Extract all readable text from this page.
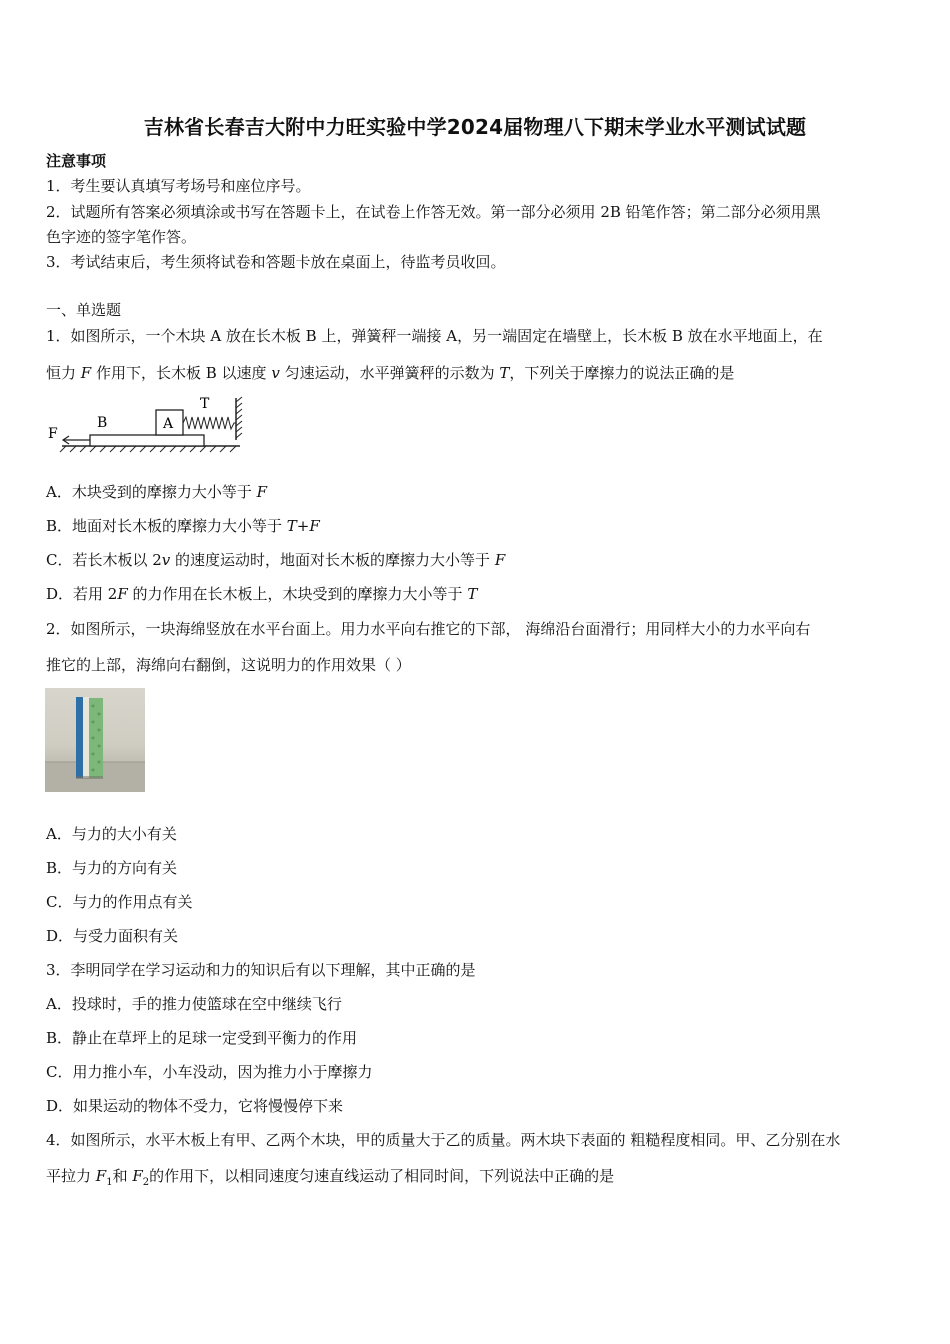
吉林省长春吉大附中力旺实验中学2024届物理八下期末学业水平测试试题
注意事项
1．考生要认真填写考场号和座位序号。
2．试题所有答案必须填涂或书写在答题卡上，在试卷上作答无效。第一部分必须用 2B 铅笔作答；第二部分必须用黑
色字迹的签字笔作答。
3．考试结束后，考生须将试卷和答题卡放在桌面上，待监考员收回。
一、单选题
1．如图所示，一个木块 A 放在长木板 B 上，弹簧秤一端接 A，另一端固定在墙壁上，长木板 B 放在水平地面上，在
恒力 F 作用下，长木板 B 以速度 v 匀速运动，水平弹簧秤的示数为 T，下列关于摩擦力的说法正确的是
F
B	A
T
A．木块受到的摩擦力大小等于 F
B．地面对长木板的摩擦力大小等于 T+F
C．若长木板以 2v 的速度运动时，地面对长木板的摩擦力大小等于 F
D．若用 2F 的力作用在长木板上，木块受到的摩擦力大小等于 T
2．如图所示，一块海绵竖放在水平台面上。用力水平向右推它的下部， 海绵沿台面滑行；用同样大小的力水平向右
推它的上部，海绵向右翻倒，这说明力的作用效果（ ）
A．与力的大小有关
B．与力的方向有关
C．与力的作用点有关
D．与受力面积有关
3．李明同学在学习运动和力的知识后有以下理解，其中正确的是
A．投球时，手的推力使篮球在空中继续飞行
B．静止在草坪上的足球一定受到平衡力的作用
C．用力推小车，小车没动，因为推力小于摩擦力
D．如果运动的物体不受力，它将慢慢停下来
4．如图所示，水平木板上有甲、乙两个木块，甲的质量大于乙的质量。两木块下表面的 粗糙程度相同。甲、乙分别在水
平拉力 $F_1$和 $F_2$的作用下，以相同速度匀速直线运动了相同时间，下列说法中正确的是
